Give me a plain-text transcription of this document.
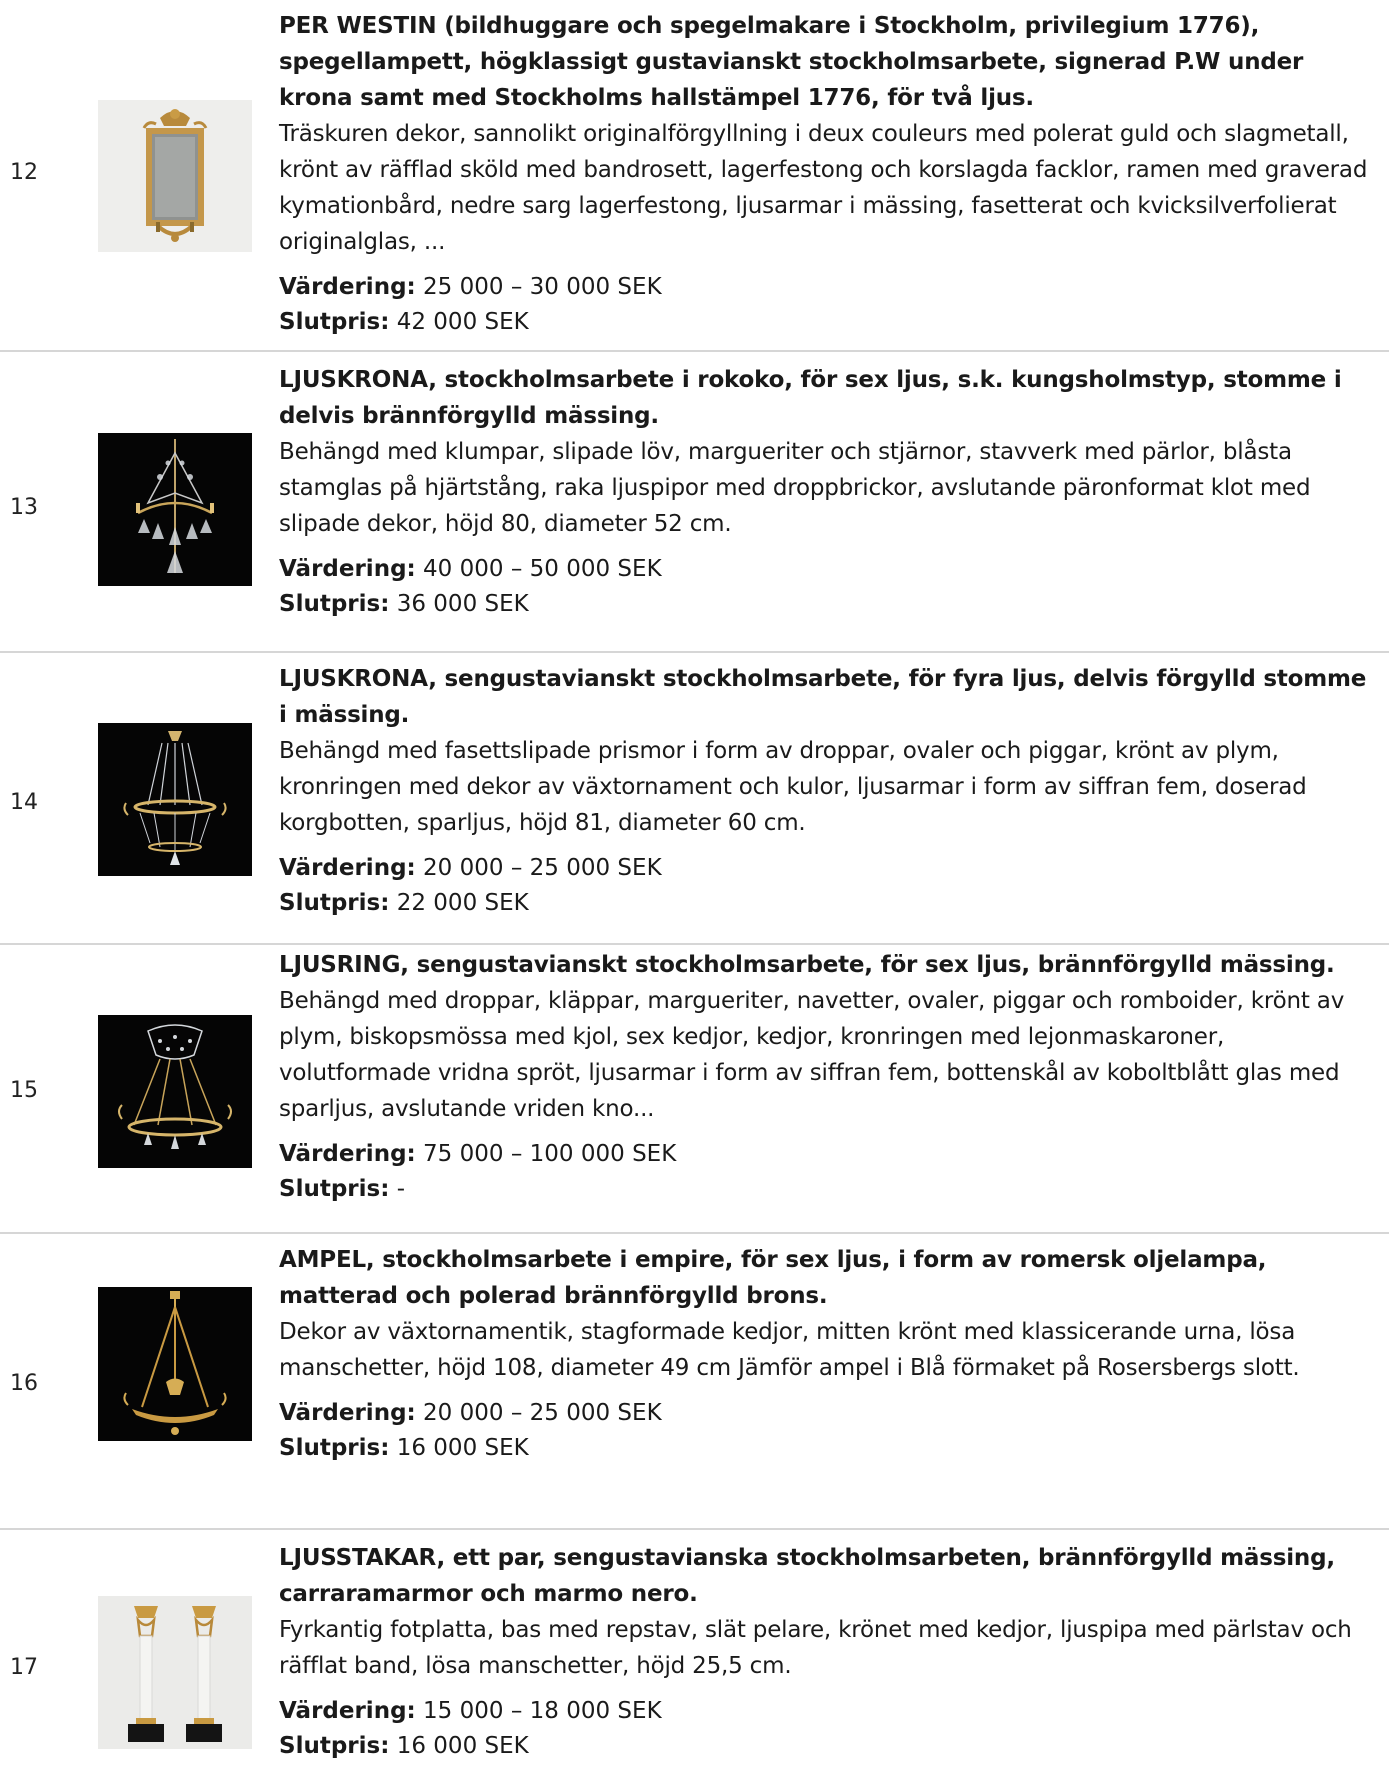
12

PER WESTIN (bildhuggare och spegelmakare i Stockholm, privilegium 1776), spegellampett, högklassigt gustavianskt stockholmsarbete, signerad P.W under krona samt med Stockholms hallstämpel 1776, för två ljus.

Träskuren dekor, sannolikt originalförgyllning i deux couleurs med polerat guld och slagmetall, krönt av räfflad sköld med bandrosett, lagerfestong och korslagda facklor, ramen med graverad kymationbård, nedre sarg lagerfestong, ljusarmar i mässing, fasetterat och kvicksilverfolierat originalglas, ...

Värdering: 25 000 – 30 000 SEK
Slutpris: 42 000 SEK
13

LJUSKRONA, stockholmsarbete i rokoko, för sex ljus, s.k. kungsholmstyp, stomme i delvis brännförgylld mässing.

Behängd med klumpar, slipade löv, margueriter och stjärnor, stavverk med pärlor, blåsta stamglas på hjärtstång, raka ljuspipor med droppbrickor, avslutande päronformat klot med slipade dekor, höjd 80, diameter 52 cm.

Värdering: 40 000 – 50 000 SEK
Slutpris: 36 000 SEK
14

LJUSKRONA, sengustavianskt stockholmsarbete, för fyra ljus, delvis förgylld stomme i mässing.

Behängd med fasettslipade prismor i form av droppar, ovaler och piggar, krönt av plym, kronringen med dekor av växtornament och kulor, ljusarmar i form av siffran fem, doserad korgbotten, sparljus, höjd 81, diameter 60 cm.

Värdering: 20 000 – 25 000 SEK
Slutpris: 22 000 SEK
15

LJUSRING, sengustavianskt stockholmsarbete, för sex ljus, brännförgylld mässing.

Behängd med droppar, kläppar, margueriter, navetter, ovaler, piggar och romboider, krönt av plym, biskopsmössa med kjol, sex kedjor, kedjor, kronringen med lejonmaskaroner, volutformade vridna spröt, ljusarmar i form av siffran fem, bottenskål av koboltblått glas med sparljus, avslutande vriden kno...

Värdering: 75 000 – 100 000 SEK
Slutpris: -
16

AMPEL, stockholmsarbete i empire, för sex ljus, i form av romersk oljelampa, matterad och polerad brännförgylld brons.

Dekor av växtornamentik, stagformade kedjor, mitten krönt med klassicerande urna, lösa manschetter, höjd 108, diameter 49 cm Jämför ampel i Blå förmaket på Rosersbergs slott.

Värdering: 20 000 – 25 000 SEK
Slutpris: 16 000 SEK
17

LJUSSTAKAR, ett par, sengustavianska stockholmsarbeten, brännförgylld mässing, carraramarmor och marmo nero.

Fyrkantig fotplatta, bas med repstav, slät pelare, krönet med kedjor, ljuspipa med pärlstav och räfflat band, lösa manschetter, höjd 25,5 cm.

Värdering: 15 000 – 18 000 SEK
Slutpris: 16 000 SEK
